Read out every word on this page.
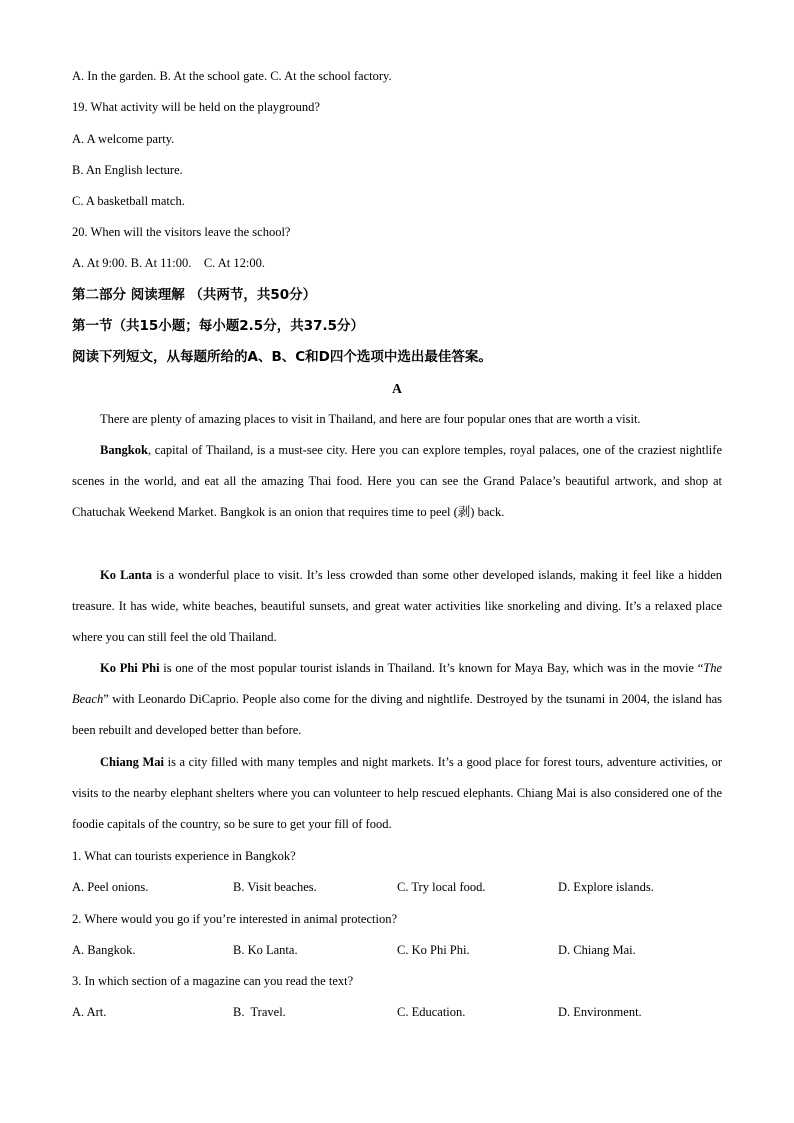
A. In the garden. B. At the school gate. C. At the school factory.
19. What activity will be held on the playground?
A. A welcome party.
B. An English lecture.
C. A basketball match.
20. When will the visitors leave the school?
A. At 9:00. B. At 11:00.    C. At 12:00.
第二部分 阅读理解 （共两节，共50分）
第一节（共15小题；每小题2.5分，共37.5分）
阅读下列短文，从每题所给的A、B、C和D四个选项中选出最佳答案。
A
There are plenty of amazing places to visit in Thailand, and here are four popular ones that are worth a visit.
Bangkok, capital of Thailand, is a must-see city. Here you can explore temples, royal palaces, one of the craziest nightlife scenes in the world, and eat all the amazing Thai food. Here you can see the Grand Palace’s beautiful artwork, and shop at Chatuchak Weekend Market. Bangkok is an onion that requires time to peel (剥) back.
Ko Lanta is a wonderful place to visit. It’s less crowded than some other developed islands, making it feel like a hidden treasure. It has wide, white beaches, beautiful sunsets, and great water activities like snorkeling and diving. It’s a relaxed place where you can still feel the old Thailand.
Ko Phi Phi is one of the most popular tourist islands in Thailand. It’s known for Maya Bay, which was in the movie “The Beach” with Leonardo DiCaprio. People also come for the diving and nightlife. Destroyed by the tsunami in 2004, the island has been rebuilt and developed better than before.
Chiang Mai is a city filled with many temples and night markets. It’s a good place for forest tours, adventure activities, or visits to the nearby elephant shelters where you can volunteer to help rescued elephants. Chiang Mai is also considered one of the foodie capitals of the country, so be sure to get your fill of food.
1. What can tourists experience in Bangkok?
A. Peel onions.	B. Visit beaches.	C. Try local food.	D. Explore islands.
2. Where would you go if you’re interested in animal protection?
A. Bangkok.	B. Ko Lanta.	C. Ko Phi Phi.	D. Chiang Mai.
3. In which section of a magazine can you read the text?
A. Art.	B.  Travel.	C. Education.	D. Environment.
